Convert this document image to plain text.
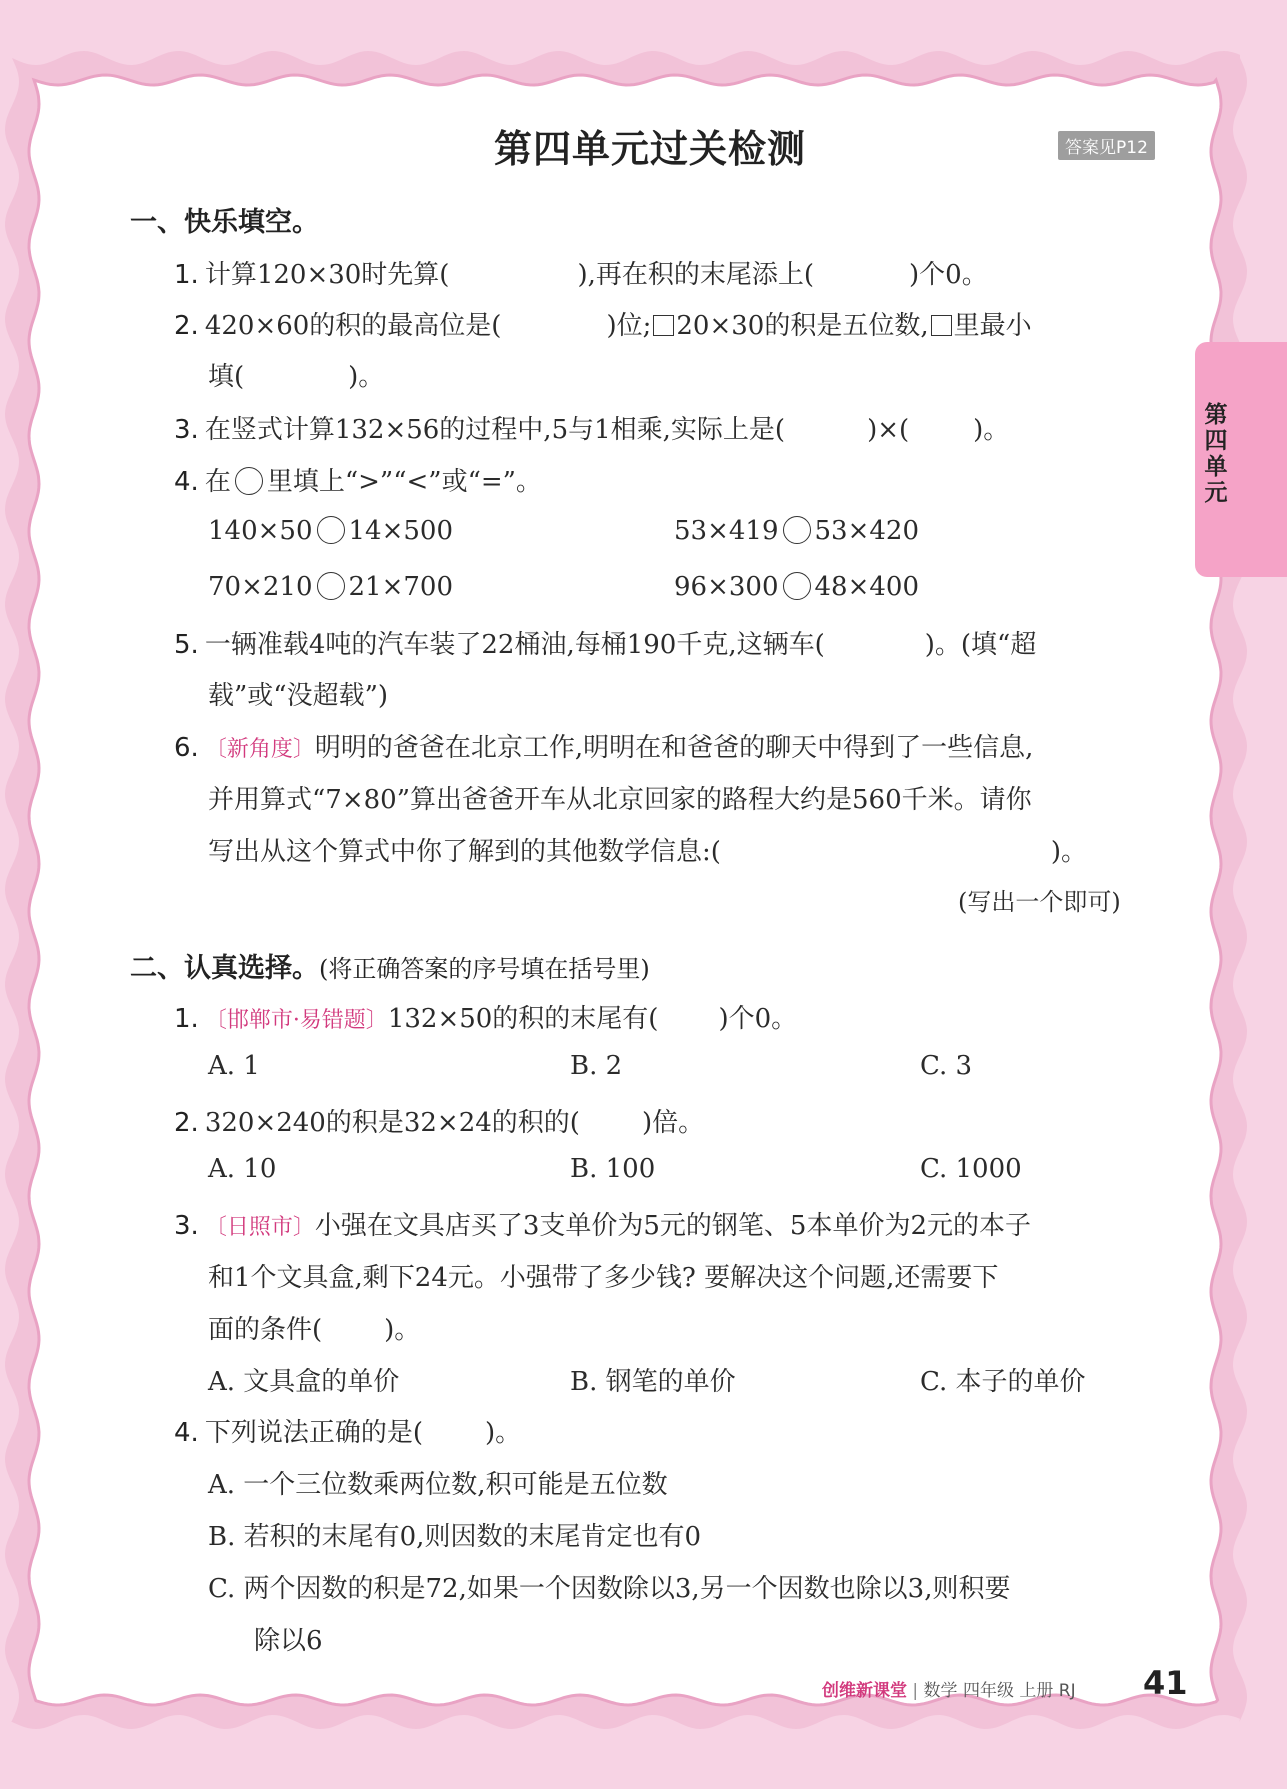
第四单元
第四单元过关检测	答案见P12
一、快乐填空。
1. 计算120×30时先算(	),再在积的末尾添上(	)个0。
2. 420×60的积的最高位是(	)位; 20×30的积是五位数, 里最小
填(	)。
3. 在竖式计算132×56的过程中,5与1相乘,实际上是(	)×( )。
4. 在 里填上“>”“<”或“=”。
140×50 14×500	53×419 53×420
70×210 21×700	96×300 48×400
5. 一辆准载4吨的汽车装了22桶油,每桶190千克,这辆车(	)。(填“超
载”或“没超载”)
6. 〔新角度〕明明的爸爸在北京工作,明明在和爸爸的聊天中得到了一些信息,
并用算式“7×80”算出爸爸开车从北京回家的路程大约是560千米。请你
写出从这个算式中你了解到的其他数学信息:(	)。
(写出一个即可)
二、认真选择。(将正确答案的序号填在括号里)
1. 〔邯郸市·易错题〕132×50的积的末尾有( )个0。
A. 1	B. 2	C. 3
2. 320×240的积是32×24的积的( )倍。
A. 10	B. 100	C. 1000
3. 〔日照市〕小强在文具店买了3支单价为5元的钢笔、5本单价为2元的本子
和1个文具盒,剩下24元。小强带了多少钱? 要解决这个问题,还需要下
面的条件( )。
A. 文具盒的单价	B. 钢笔的单价	C. 本子的单价
4. 下列说法正确的是( )。
A. 一个三位数乘两位数,积可能是五位数
B. 若积的末尾有0,则因数的末尾肯定也有0
C. 两个因数的积是72,如果一个因数除以3,另一个因数也除以3,则积要
除以6
创维新课堂 | 数学 四年级 上册 RJ 41
